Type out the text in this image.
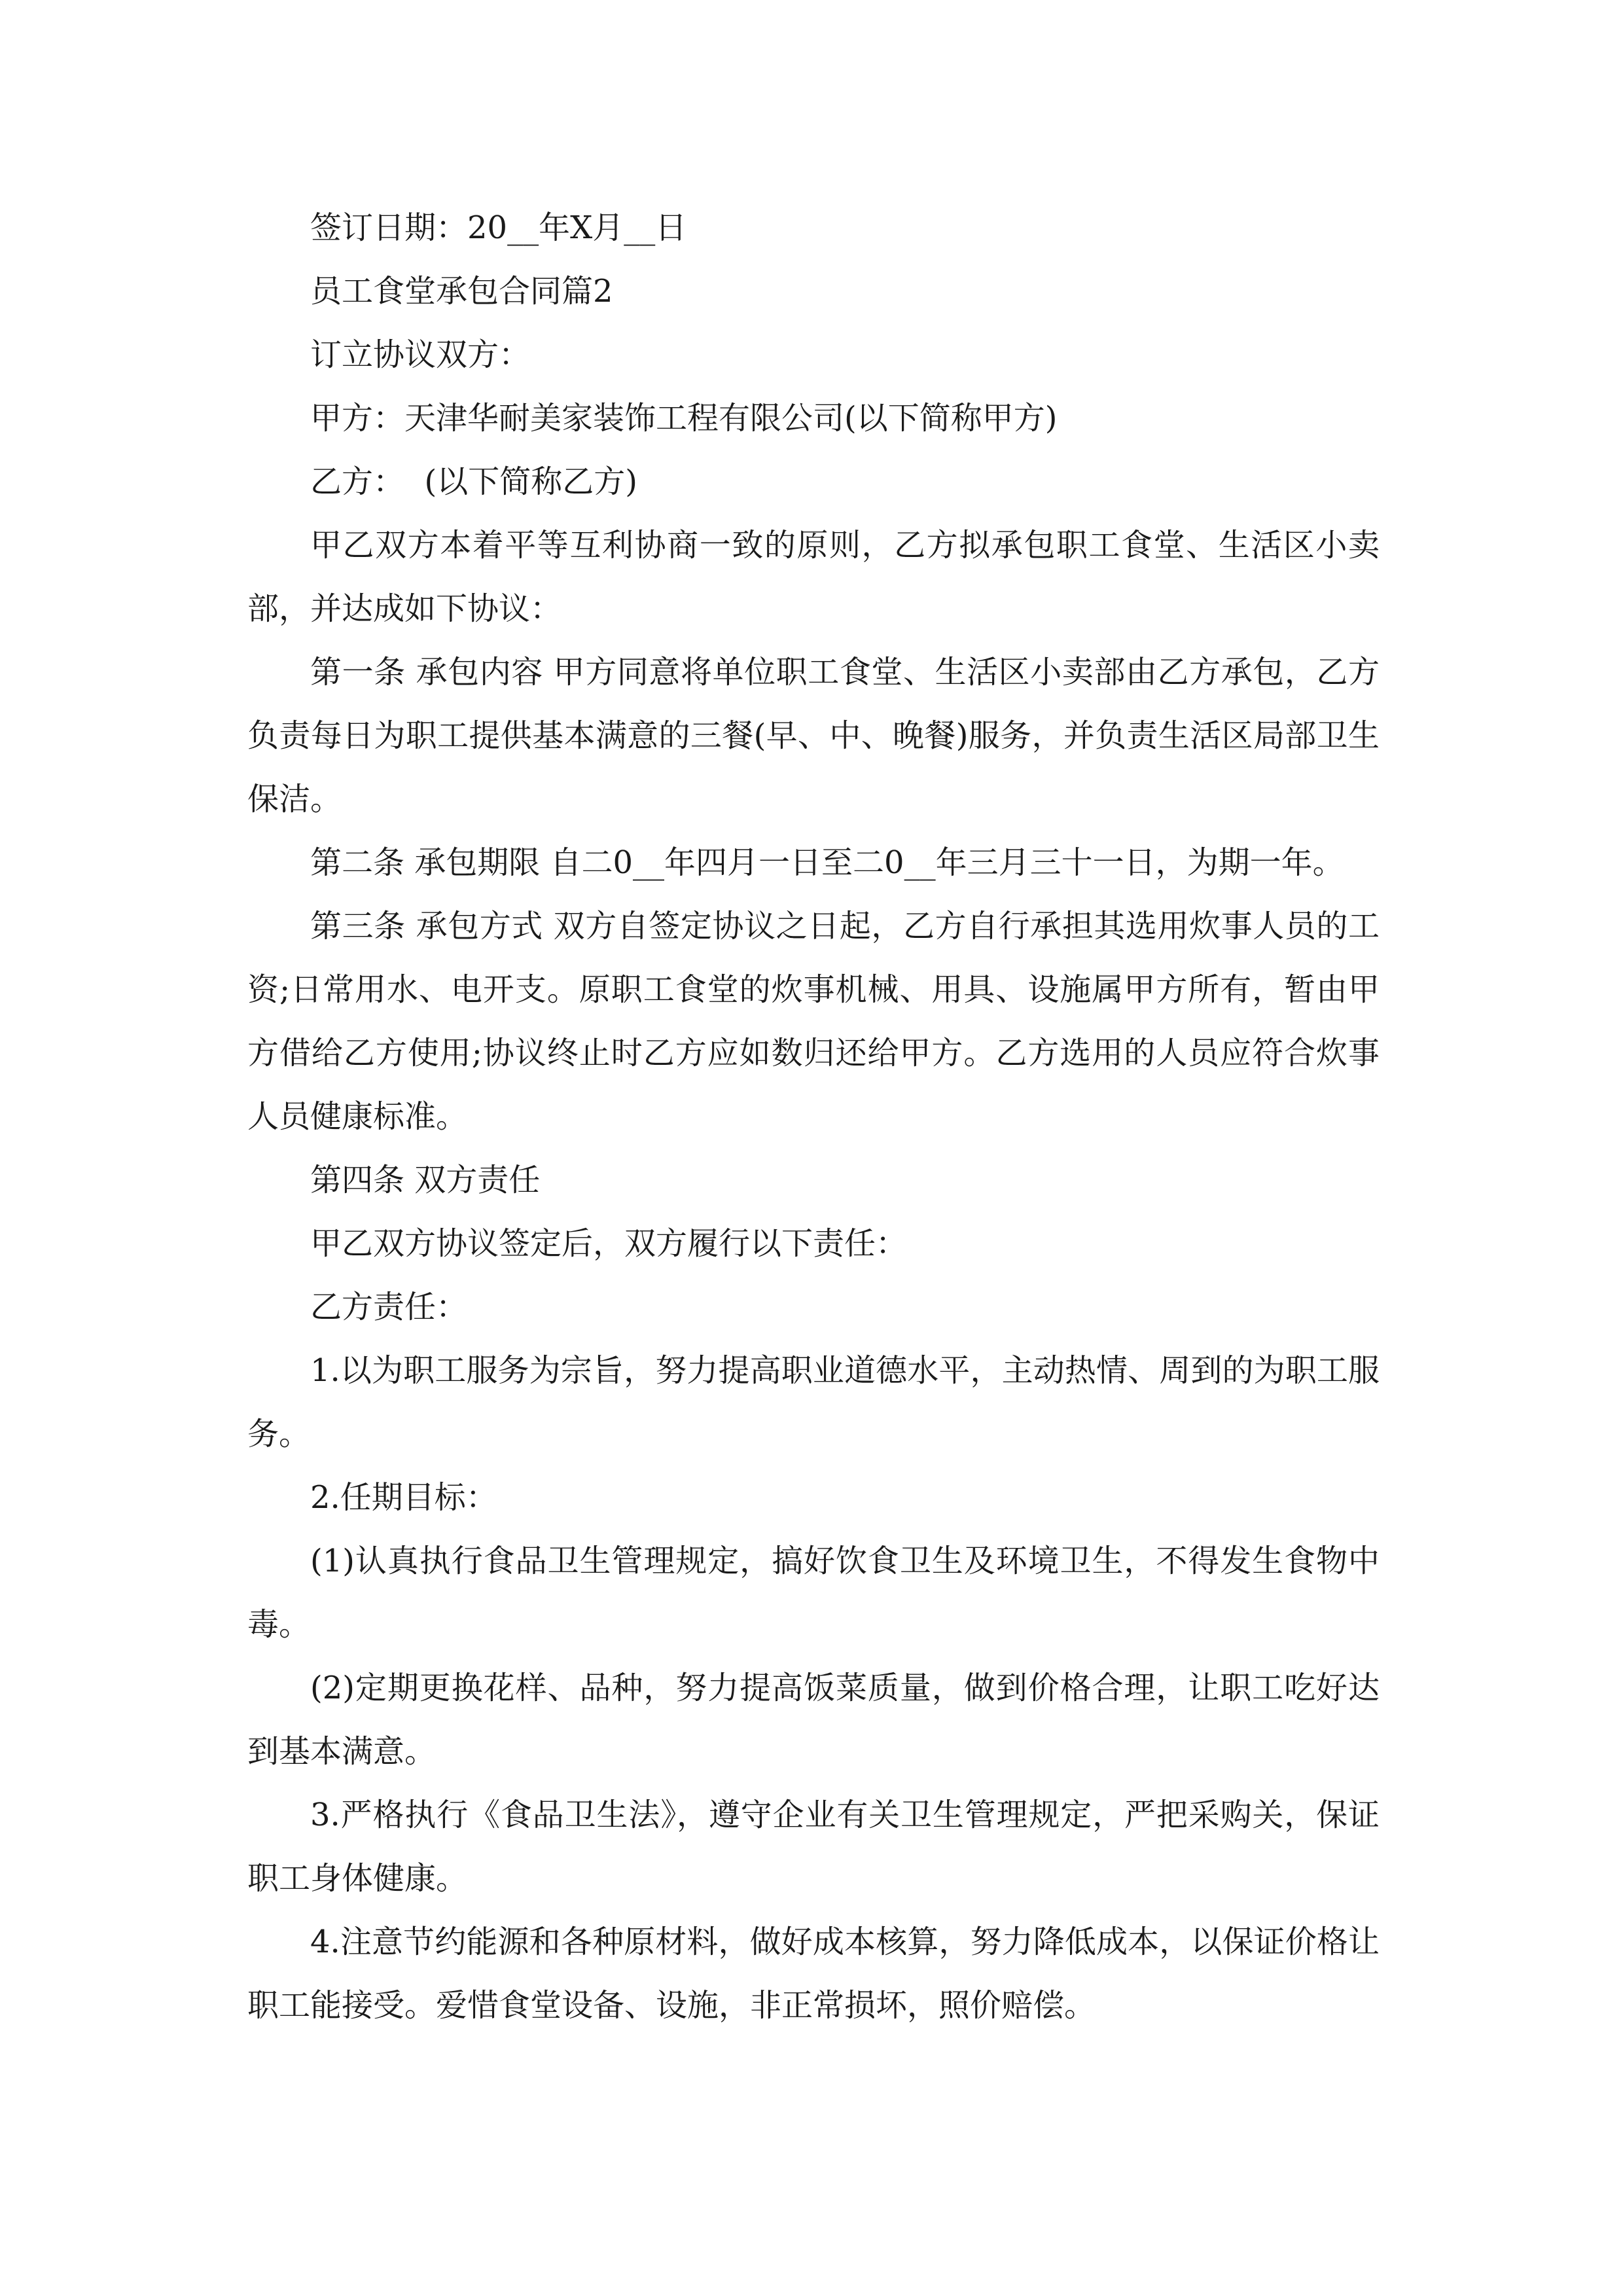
签订日期：20__年X月__日

员工食堂承包合同篇2

订立协议双方：

甲方：天津华耐美家装饰工程有限公司(以下简称甲方)

乙方：  (以下简称乙方)

甲乙双方本着平等互利协商一致的原则，乙方拟承包职工食堂、生活区小卖部，并达成如下协议：

第一条 承包内容 甲方同意将单位职工食堂、生活区小卖部由乙方承包，乙方负责每日为职工提供基本满意的三餐(早、中、晚餐)服务，并负责生活区局部卫生保洁。

第二条 承包期限 自二0__年四月一日至二0__年三月三十一日，为期一年。

第三条 承包方式 双方自签定协议之日起，乙方自行承担其选用炊事人员的工资;日常用水、电开支。原职工食堂的炊事机械、用具、设施属甲方所有，暂由甲方借给乙方使用;协议终止时乙方应如数归还给甲方。乙方选用的人员应符合炊事人员健康标准。

第四条 双方责任

甲乙双方协议签定后，双方履行以下责任：

乙方责任：

1.以为职工服务为宗旨，努力提高职业道德水平，主动热情、周到的为职工服务。

2.任期目标：

(1)认真执行食品卫生管理规定，搞好饮食卫生及环境卫生，不得发生食物中毒。

(2)定期更换花样、品种，努力提高饭菜质量，做到价格合理，让职工吃好达到基本满意。

3.严格执行《食品卫生法》，遵守企业有关卫生管理规定，严把采购关，保证职工身体健康。

4.注意节约能源和各种原材料，做好成本核算，努力降低成本，以保证价格让职工能接受。爱惜食堂设备、设施，非正常损坏，照价赔偿。
